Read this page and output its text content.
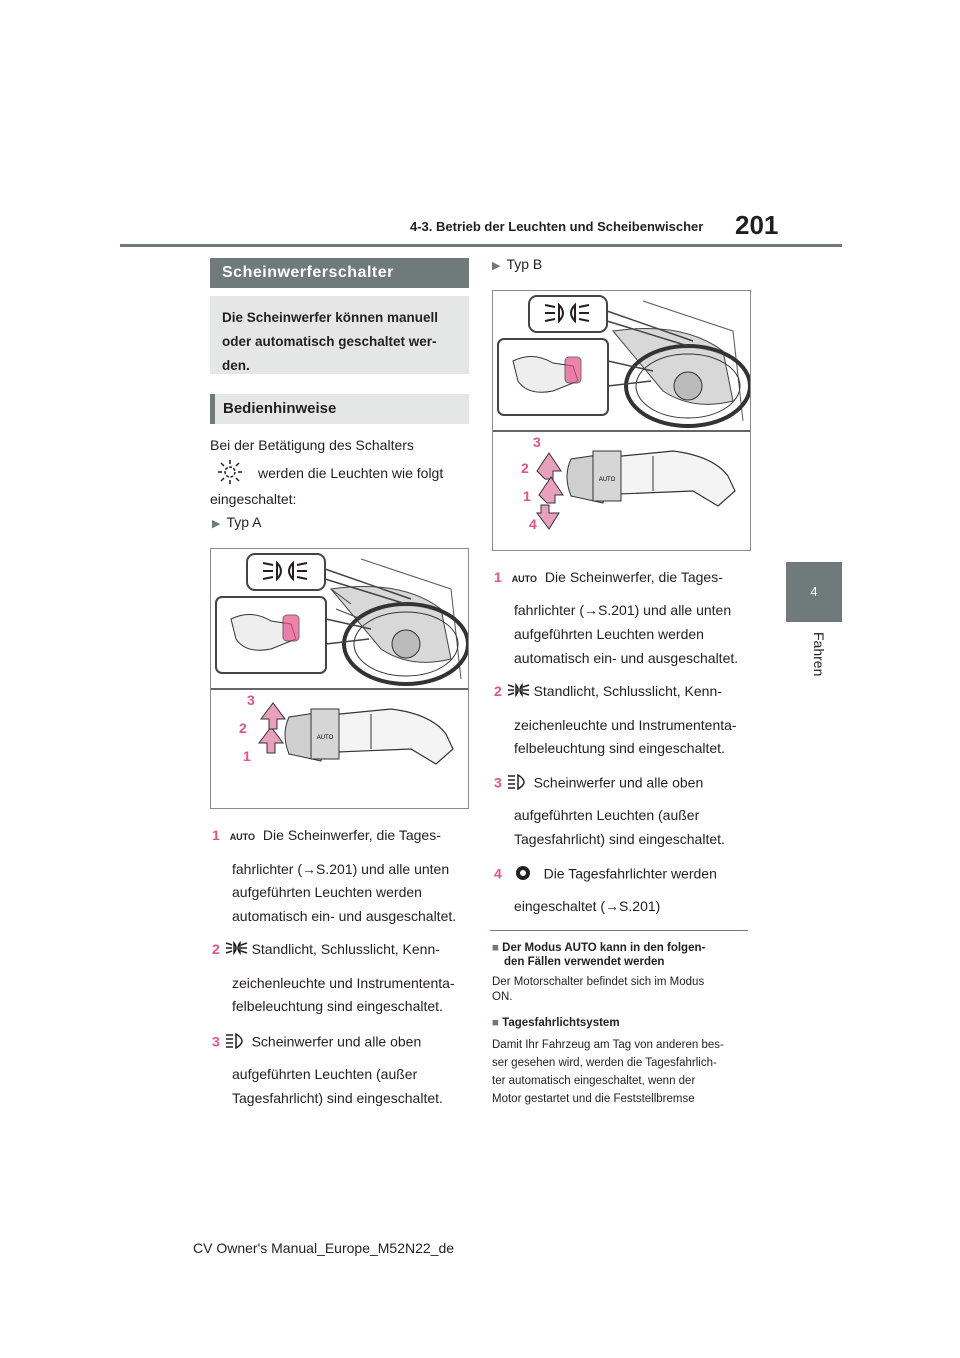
4-3. Betrieb der Leuchten und Scheibenwischer 201
4
Fahren
Scheinwerferschalter
Die Scheinwerfer können manuell
oder automatisch geschaltet wer-
den.
Bedienhinweise
Bei der Betätigung des Schalters
werden die Leuchten wie folgt
eingeschaltet:
▶ Typ A
AUTO
3
2
1
1 AUTO Die Scheinwerfer, die Tages-
fahrlichter (→S.201) und alle unten
aufgeführten Leuchten werden
automatisch ein- und ausgeschaltet.
2 Standlicht, Schlusslicht, Kenn-
zeichenleuchte und Instrumententa-
felbeleuchtung sind eingeschaltet.
3 Scheinwerfer und alle oben
aufgeführten Leuchten (außer
Tagesfahrlicht) sind eingeschaltet.
▶ Typ B
AUTO
3
2
1
4
1 AUTO Die Scheinwerfer, die Tages-
fahrlichter (→S.201) und alle unten
aufgeführten Leuchten werden
automatisch ein- und ausgeschaltet.
2 Standlicht, Schlusslicht, Kenn-
zeichenleuchte und Instrumententa-
felbeleuchtung sind eingeschaltet.
3 Scheinwerfer und alle oben
aufgeführten Leuchten (außer
Tagesfahrlicht) sind eingeschaltet.
4	Die Tagesfahrlichter werden
eingeschaltet (→S.201)
■ Der Modus AUTO kann in den folgen-
den Fällen verwendet werden
Der Motorschalter befindet sich im Modus
ON.
■ Tagesfahrlichtsystem
Damit Ihr Fahrzeug am Tag von anderen bes-
ser gesehen wird, werden die Tagesfahrlich-
ter automatisch eingeschaltet, wenn der
Motor gestartet und die Feststellbremse
CV Owner's Manual_Europe_M52N22_de
